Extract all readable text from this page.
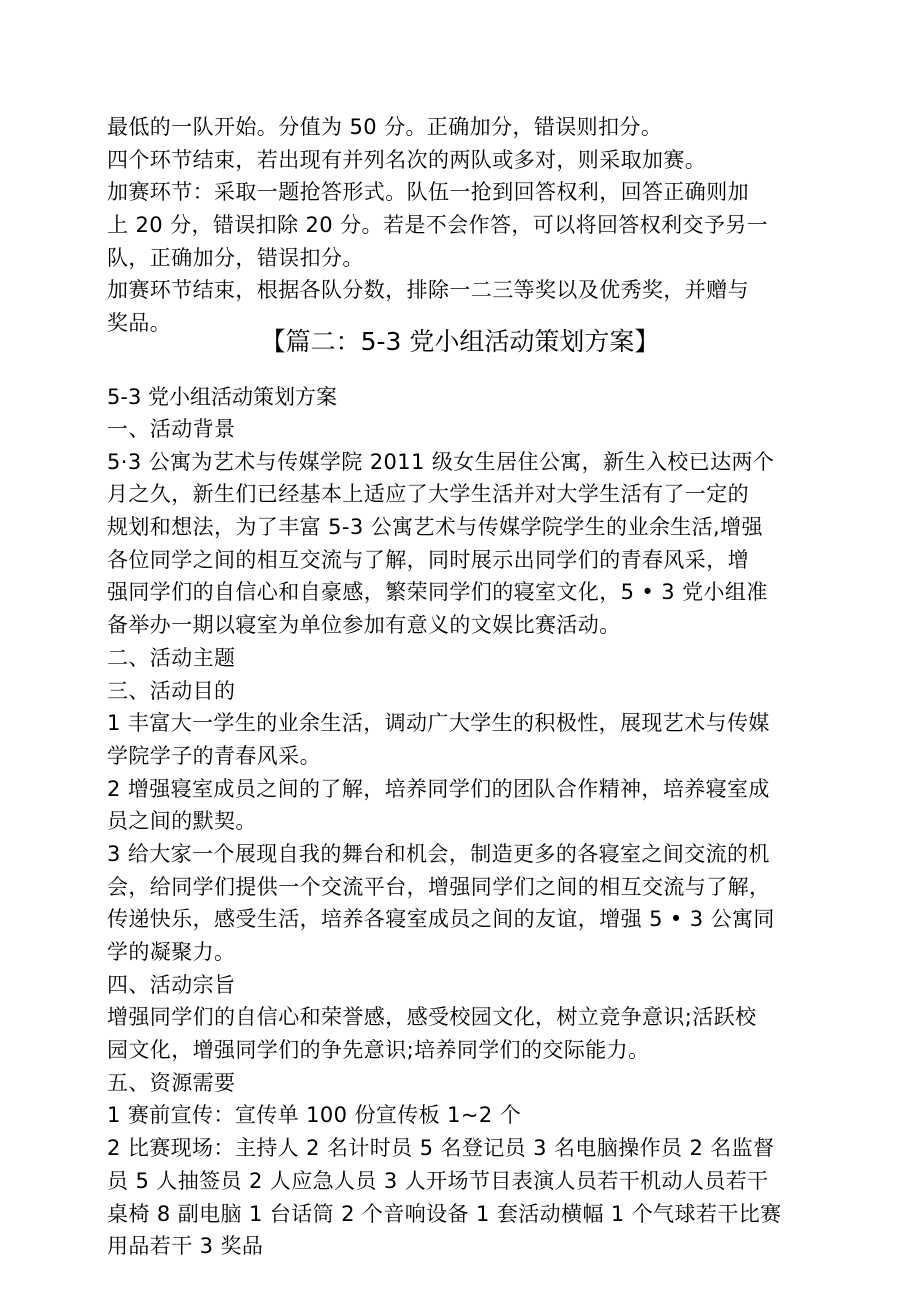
最低的一队开始。分值为 50 分。正确加分，错误则扣分。
四个环节结束，若出现有并列名次的两队或多对，则采取加赛。
加赛环节：采取一题抢答形式。队伍一抢到回答权利，回答正确则加
上 20 分，错误扣除 20 分。若是不会作答，可以将回答权利交予另一
队，正确加分，错误扣分。
加赛环节结束，根据各队分数，排除一二三等奖以及优秀奖，并赠与
奖品。
【篇二：5-3 党小组活动策划方案】
5-3 党小组活动策划方案
一、活动背景
5·3 公寓为艺术与传媒学院 2011 级女生居住公寓，新生入校已达两个
月之久，新生们已经基本上适应了大学生活并对大学生活有了一定的
规划和想法，为了丰富 5-3 公寓艺术与传媒学院学生的业余生活,增强
各位同学之间的相互交流与了解，同时展示出同学们的青春风采，增
强同学们的自信心和自豪感，繁荣同学们的寝室文化，5 • 3 党小组准
备举办一期以寝室为单位参加有意义的文娱比赛活动。
二、活动主题
三、活动目的
1 丰富大一学生的业余生活，调动广大学生的积极性，展现艺术与传媒
学院学子的青春风采。
2 增强寝室成员之间的了解，培养同学们的团队合作精神，培养寝室成
员之间的默契。
3 给大家一个展现自我的舞台和机会，制造更多的各寝室之间交流的机
会，给同学们提供一个交流平台，增强同学们之间的相互交流与了解，
传递快乐，感受生活，培养各寝室成员之间的友谊，增强 5 • 3 公寓同
学的凝聚力。
四、活动宗旨
增强同学们的自信心和荣誉感，感受校园文化，树立竞争意识;活跃校
园文化，增强同学们的争先意识;培养同学们的交际能力。
五、资源需要
1 赛前宣传：宣传单 100 份宣传板 1~2 个
2 比赛现场：主持人 2 名计时员 5 名登记员 3 名电脑操作员 2 名监督
员 5 人抽签员 2 人应急人员 3 人开场节目表演人员若干机动人员若干
桌椅 8 副电脑 1 台话筒 2 个音响设备 1 套活动横幅 1 个气球若干比赛
用品若干 3 奖品
